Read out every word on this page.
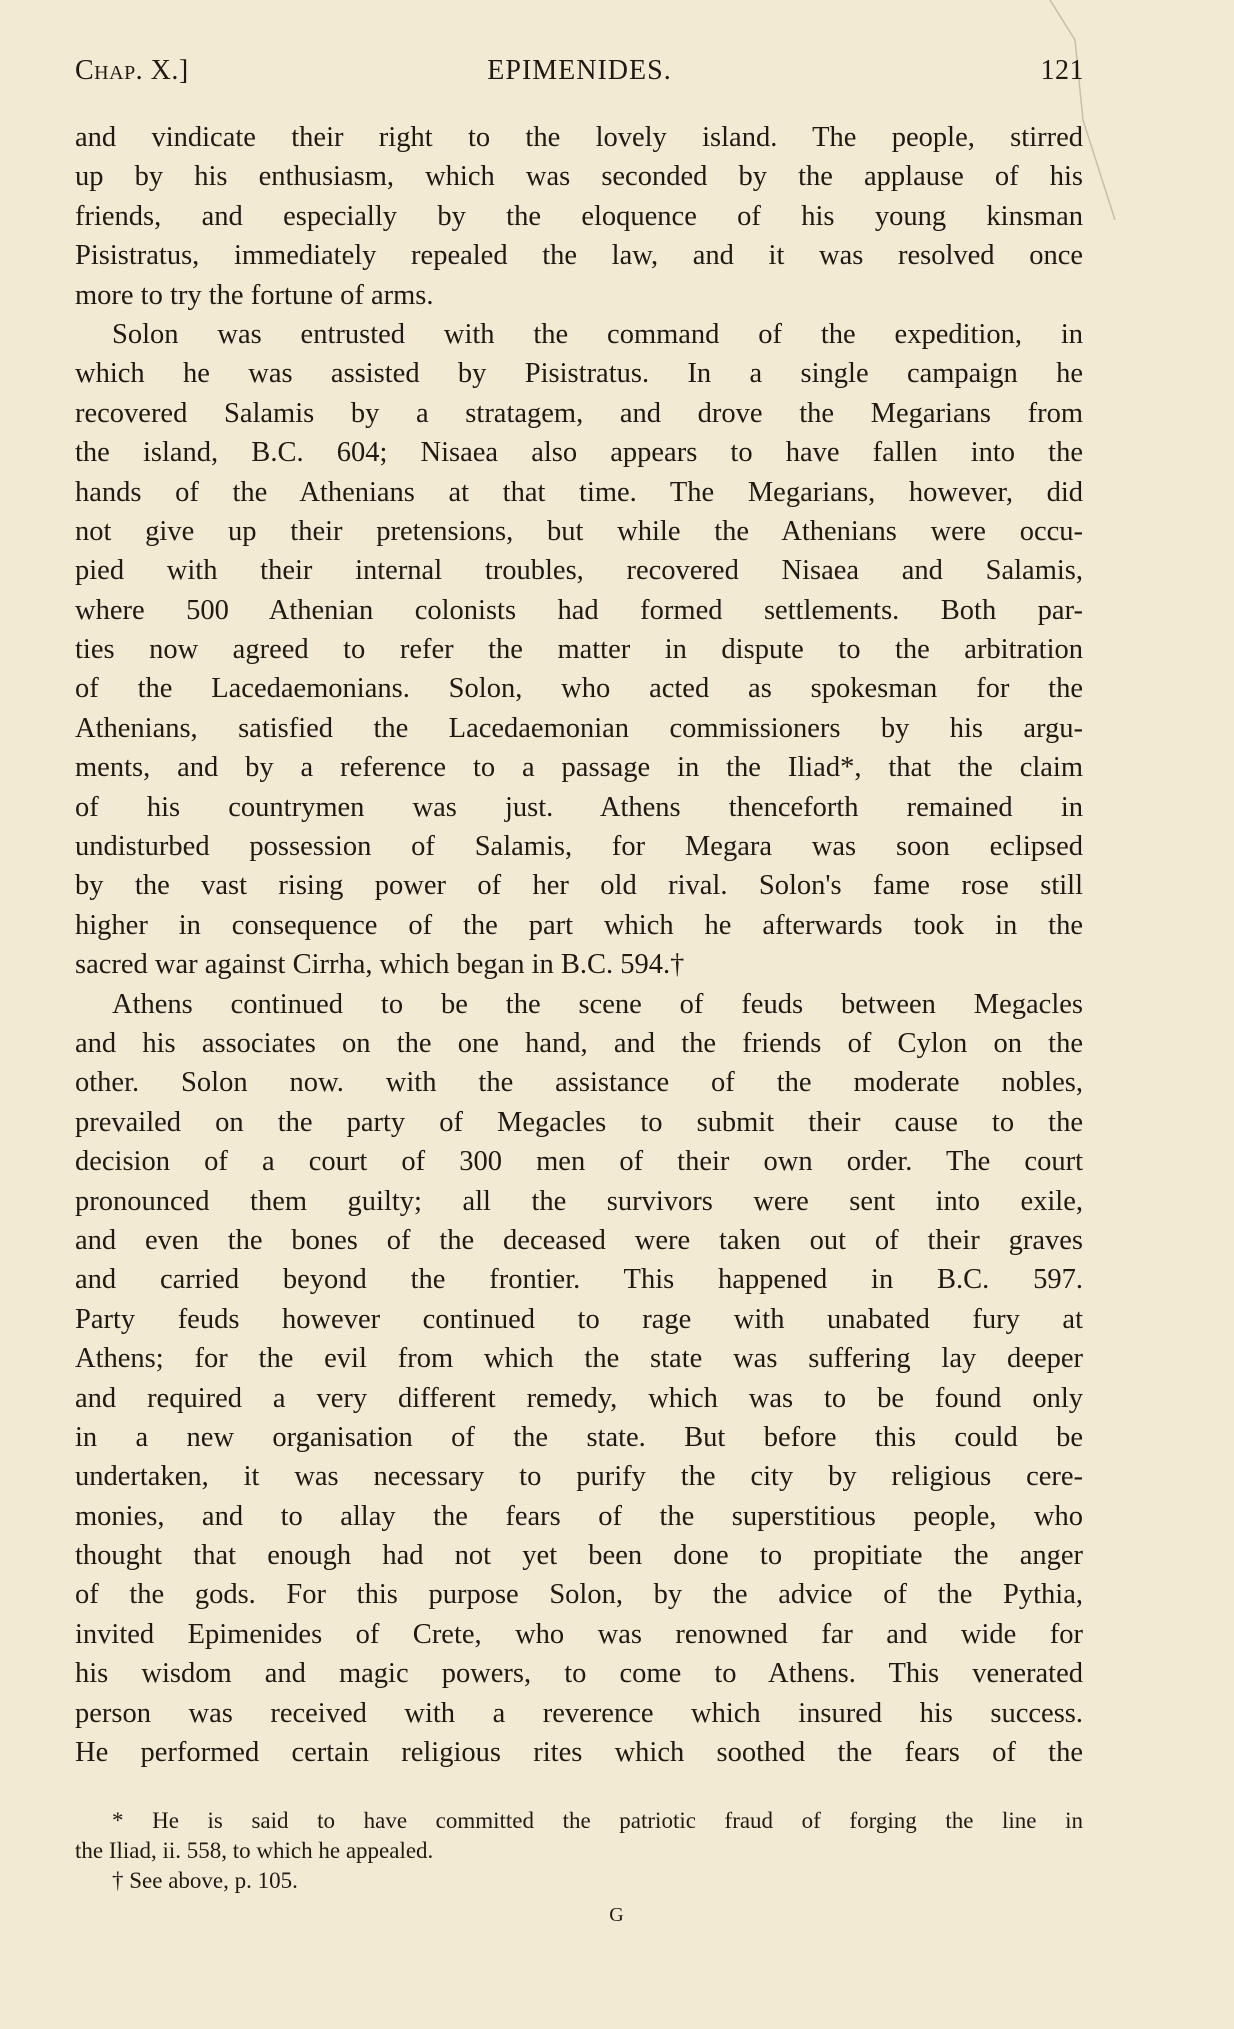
Chap. X.]	EPIMENIDES.	121
and vindicate their right to the lovely island. The people, stirred
up by his enthusiasm, which was seconded by the applause of his
friends, and especially by the eloquence of his young kinsman
Pisistratus, immediately repealed the law, and it was resolved once
more to try the fortune of arms.
Solon was entrusted with the command of the expedition, in
which he was assisted by Pisistratus. In a single campaign he
recovered Salamis by a stratagem, and drove the Megarians from
the island, B.C. 604; Nisaea also appears to have fallen into the
hands of the Athenians at that time. The Megarians, however, did
not give up their pretensions, but while the Athenians were occu-
pied with their internal troubles, recovered Nisaea and Salamis,
where 500 Athenian colonists had formed settlements. Both par-
ties now agreed to refer the matter in dispute to the arbitration
of the Lacedaemonians. Solon, who acted as spokesman for the
Athenians, satisfied the Lacedaemonian commissioners by his argu-
ments, and by a reference to a passage in the Iliad*, that the claim
of his countrymen was just. Athens thenceforth remained in
undisturbed possession of Salamis, for Megara was soon eclipsed
by the vast rising power of her old rival. Solon's fame rose still
higher in consequence of the part which he afterwards took in the
sacred war against Cirrha, which began in B.C. 594.†
Athens continued to be the scene of feuds between Megacles
and his associates on the one hand, and the friends of Cylon on the
other. Solon now. with the assistance of the moderate nobles,
prevailed on the party of Megacles to submit their cause to the
decision of a court of 300 men of their own order. The court
pronounced them guilty; all the survivors were sent into exile,
and even the bones of the deceased were taken out of their graves
and carried beyond the frontier. This happened in B.C. 597.
Party feuds however continued to rage with unabated fury at
Athens; for the evil from which the state was suffering lay deeper
and required a very different remedy, which was to be found only
in a new organisation of the state. But before this could be
undertaken, it was necessary to purify the city by religious cere-
monies, and to allay the fears of the superstitious people, who
thought that enough had not yet been done to propitiate the anger
of the gods. For this purpose Solon, by the advice of the Pythia,
invited Epimenides of Crete, who was renowned far and wide for
his wisdom and magic powers, to come to Athens. This venerated
person was received with a reverence which insured his success.
He performed certain religious rites which soothed the fears of the
* He is said to have committed the patriotic fraud of forging the line in
the Iliad, ii. 558, to which he appealed.
† See above, p. 105.
G
